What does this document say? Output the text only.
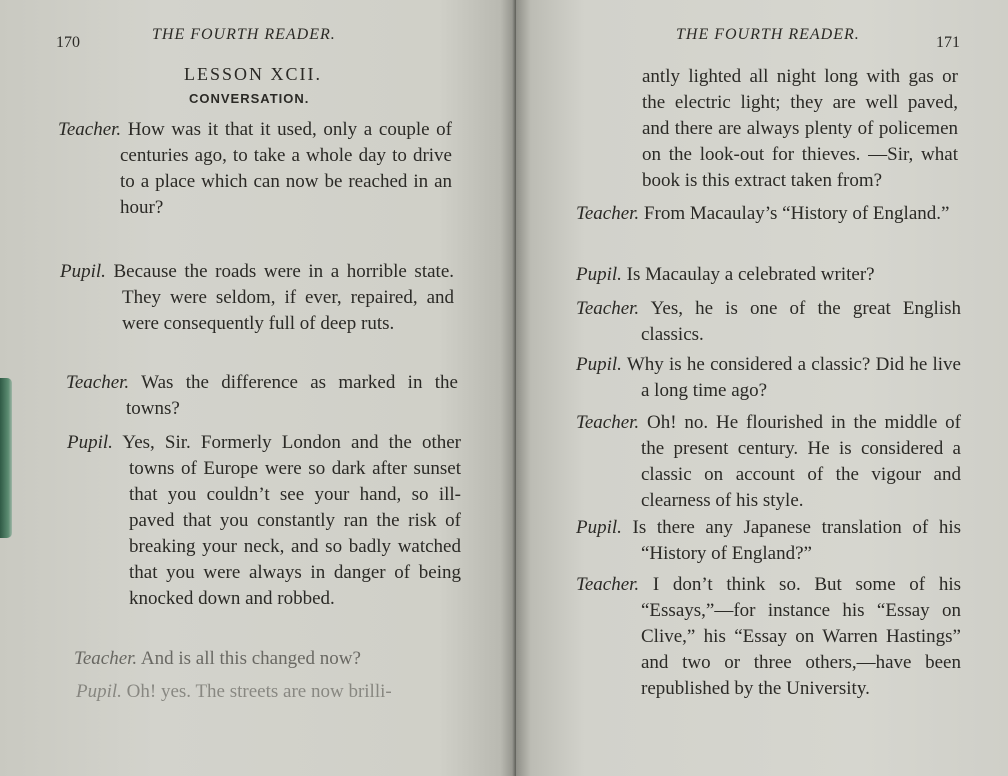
170	THE FOURTH READER.
LESSON XCII.
CONVERSATION.

Teacher. How was it that it used, only a couple of centuries ago, to take a whole day to drive to a place which can now be reached in an hour?

Pupil. Because the roads were in a horrible state. They were seldom, if ever, repaired, and were consequently full of deep ruts.

Teacher. Was the difference as marked in the towns?

Pupil. Yes, Sir. Formerly London and the other towns of Europe were so dark after sunset that you couldn’t see your hand, so ill-paved that you constantly ran the risk of breaking your neck, and so badly watched that you were always in danger of being knocked down and robbed.

Teacher. And is all this changed now?

Pupil. Oh! yes. The streets are now brilli-

THE FOURTH READER.	171

antly lighted all night long with gas or the electric light; they are well paved, and there are always plenty of policemen on the look-out for thieves. —Sir, what book is this extract taken from?

Teacher. From Macaulay’s “History of England.”

Pupil. Is Macaulay a celebrated writer?

Teacher. Yes, he is one of the great English classics.

Pupil. Why is he considered a classic? Did he live a long time ago?

Teacher. Oh! no. He flourished in the middle of the present century. He is considered a classic on account of the vigour and clearness of his style.

Pupil. Is there any Japanese translation of his “History of England?”

Teacher. I don’t think so. But some of his “Essays,”—for instance his “Essay on Clive,” his “Essay on Warren Hastings” and two or three others,—have been republished by the University.
